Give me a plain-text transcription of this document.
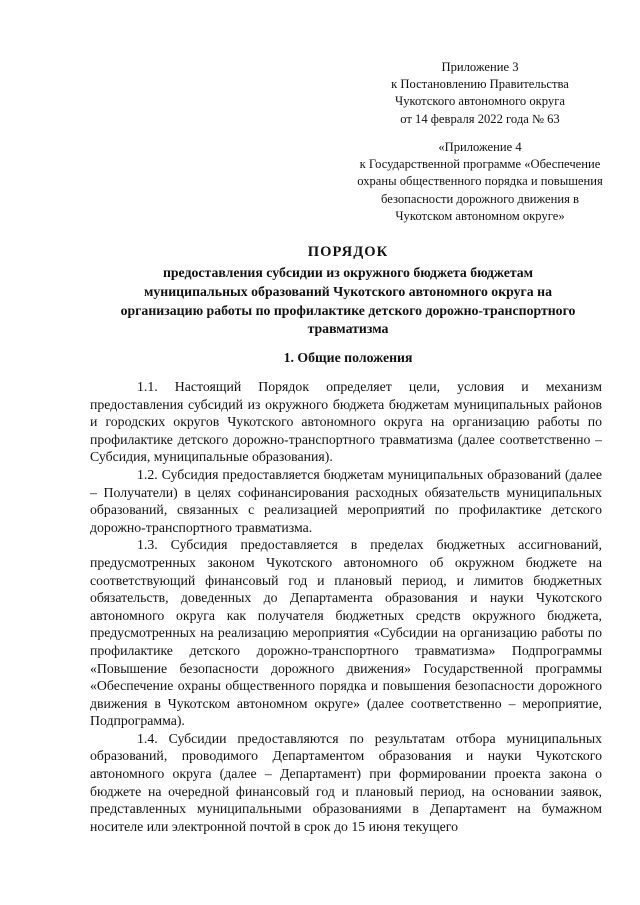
Приложение 3
к Постановлению Правительства
Чукотского автономного округа
от 14 февраля 2022 года № 63
«Приложение 4
к Государственной программе «Обеспечение
охраны общественного порядка и повышения
безопасности дорожного движения в
Чукотском автономном округе»
ПОРЯДОК
предоставления субсидии из окружного бюджета бюджетам
муниципальных образований Чукотского автономного округа на
организацию работы по профилактике детского дорожно-транспортного
травматизма
1. Общие положения

1.1. Настоящий Порядок определяет цели, условия и механизм предоставления субсидий из окружного бюджета бюджетам муниципальных районов и городских округов Чукотского автономного округа на организацию работы по профилактике детского дорожно-транспортного травматизма (далее соответственно – Субсидия, муниципальные образования).

1.2. Субсидия предоставляется бюджетам муниципальных образований (далее – Получатели) в целях софинансирования расходных обязательств муниципальных образований, связанных с реализацией мероприятий по профилактике детского дорожно-транспортного травматизма.

1.3. Субсидия предоставляется в пределах бюджетных ассигнований, предусмотренных законом Чукотского автономного об окружном бюджете на соответствующий финансовый год и плановый период, и лимитов бюджетных обязательств, доведенных до Департамента образования и науки Чукотского автономного округа как получателя бюджетных средств окружного бюджета, предусмотренных на реализацию мероприятия «Субсидии на организацию работы по профилактике детского дорожно-транспортного травматизма» Подпрограммы «Повышение безопасности дорожного движения» Государственной программы «Обеспечение охраны общественного порядка и повышения безопасности дорожного движения в Чукотском автономном округе» (далее соответственно – мероприятие, Подпрограмма).

1.4. Субсидии предоставляются по результатам отбора муниципальных образований, проводимого Департаментом образования и науки Чукотского автономного округа (далее – Департамент) при формировании проекта закона о бюджете на очередной финансовый год и плановый период, на основании заявок, представленных муниципальными образованиями в Департамент на бумажном носителе или электронной почтой в срок до 15 июня текущего
